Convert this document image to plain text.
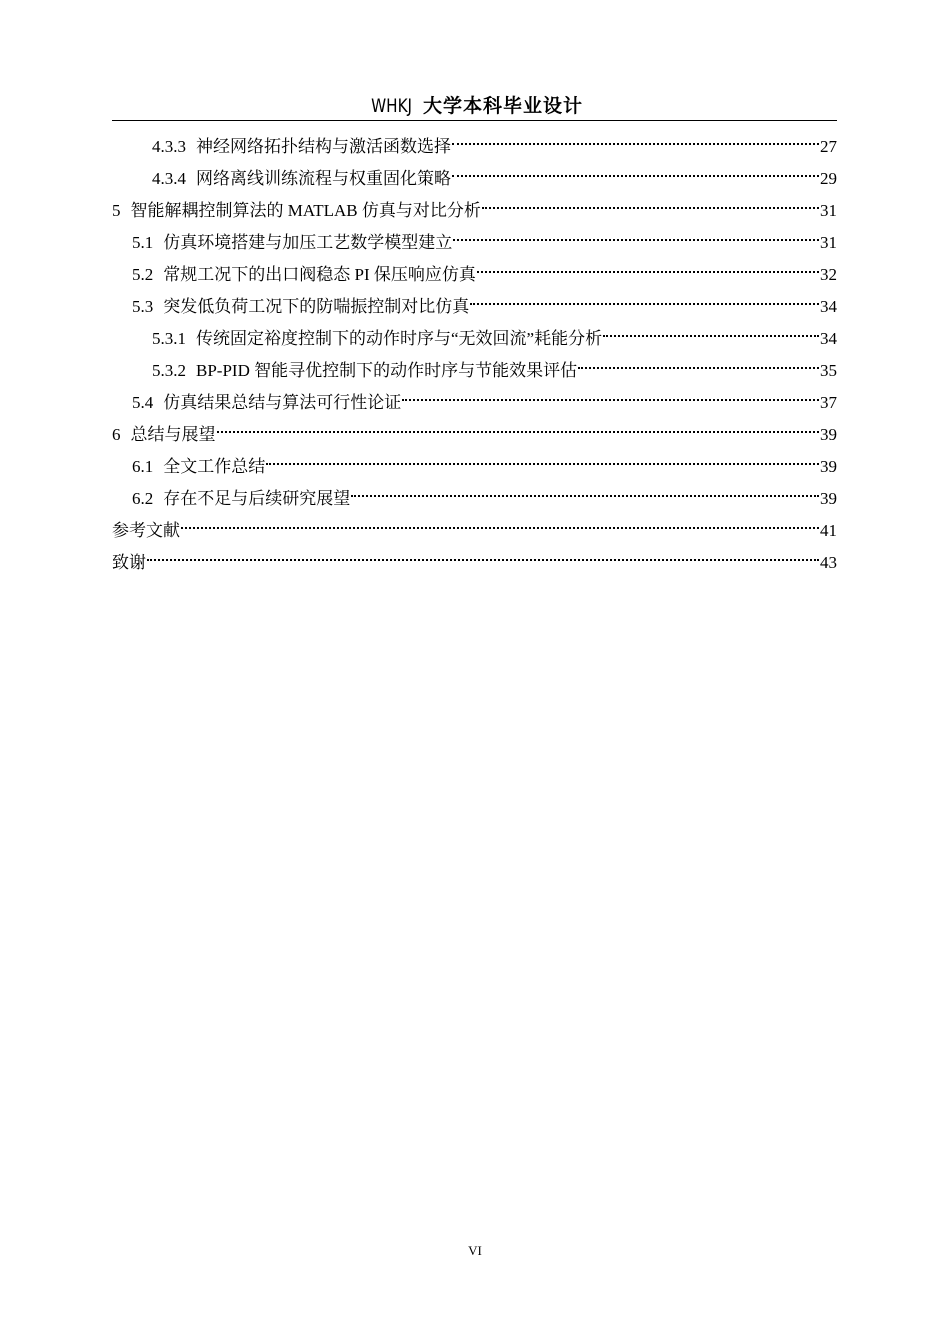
WHKJ 大学本科毕业设计
4.3.3 神经网络拓扑结构与激活函数选择	27
4.3.4 网络离线训练流程与权重固化策略	29
5 智能解耦控制算法的 MATLAB 仿真与对比分析	31
5.1 仿真环境搭建与加压工艺数学模型建立	31
5.2 常规工况下的出口阀稳态 PI 保压响应仿真	32
5.3 突发低负荷工况下的防喘振控制对比仿真	34
5.3.1 传统固定裕度控制下的动作时序与“无效回流”耗能分析	34
5.3.2 BP-PID 智能寻优控制下的动作时序与节能效果评估	35
5.4 仿真结果总结与算法可行性论证	37
6 总结与展望	39
6.1 全文工作总结	39
6.2 存在不足与后续研究展望	39
参考文献	41
致谢	43
VI
